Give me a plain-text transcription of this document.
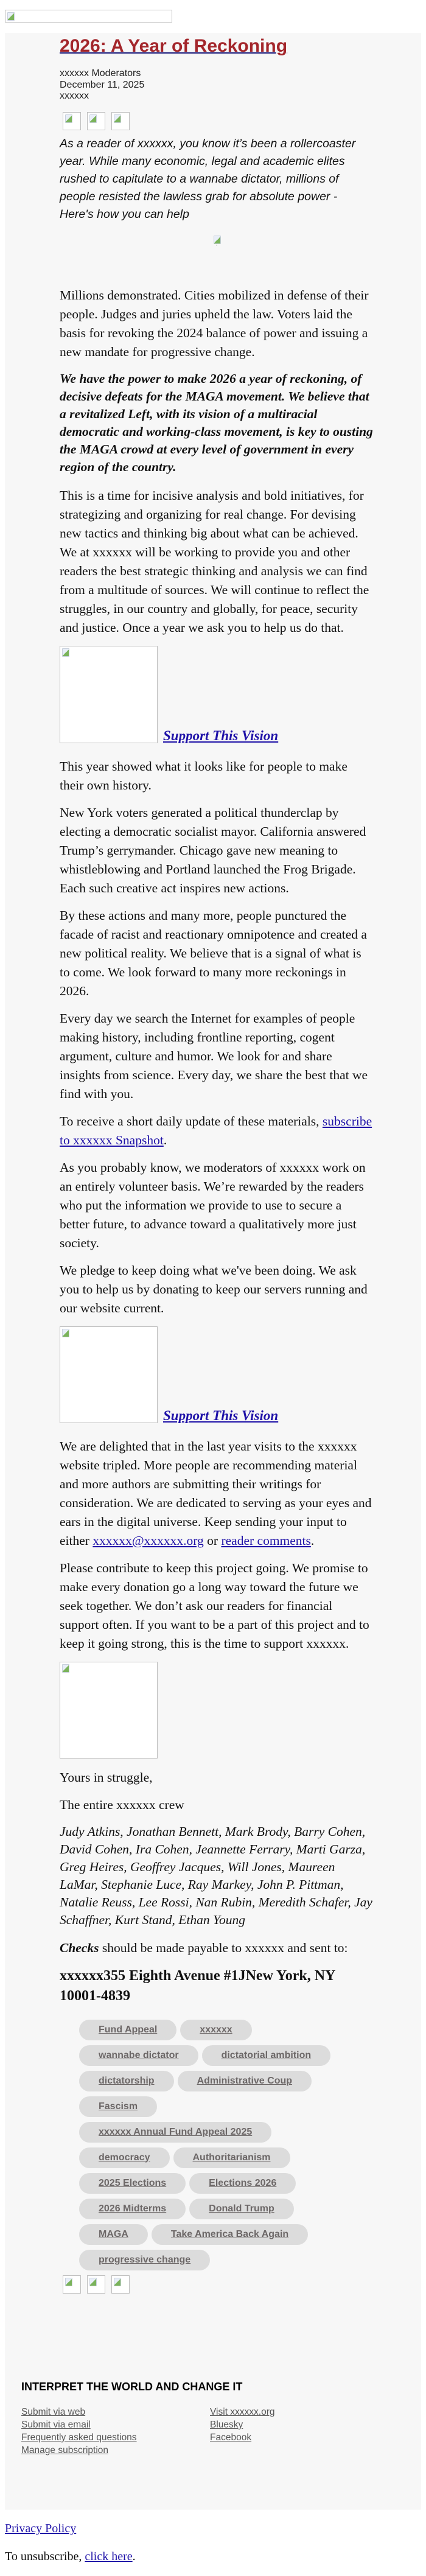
2026: A Year of Reckoning
xxxxxx Moderators
December 11, 2025
xxxxxx

As a reader of xxxxxx, you know it’s been a rollercoaster year. While many economic, legal and academic elites rushed to capitulate to a wannabe dictator, millions of people resisted the lawless grab for absolute power - Here's how you can help

,

Millions demonstrated. Cities mobilized in defense of their people. Judges and juries upheld the law. Voters laid the basis for revoking the 2024 balance of power and issuing a new mandate for progressive change.

We have the power to make 2026 a year of reckoning, of decisive defeats for the MAGA movement. We believe that a revitalized Left, with its vision of a multiracial democratic and working-class movement, is key to ousting the MAGA crowd at every level of government in every region of the country.

This is a time for incisive analysis and bold initiatives, for strategizing and organizing for real change. For devising new tactics and thinking big about what can be achieved. We at xxxxxx will be working to provide you and other readers the best strategic thinking and analysis we can find from a multitude of sources. We will continue to reflect the struggles, in our country and globally, for peace, security and justice. Once a year we ask you to help us do that.

Support This Vision

This year showed what it looks like for people to make their own history.

New York voters generated a political thunderclap by electing a democratic socialist mayor. California answered Trump’s gerrymander. Chicago gave new meaning to whistleblowing and Portland launched the Frog Brigade. Each such creative act inspires new actions.

By these actions and many more, people punctured the facade of racist and reactionary omnipotence and created a new political reality. We believe that is a signal of what is to come. We look forward to many more reckonings in 2026.

Every day we search the Internet for examples of people making history, including frontline reporting, cogent argument, culture and humor. We look for and share insights from science. Every day, we share the best that we find with you.

To receive a short daily update of these materials, subscribe to xxxxxx Snapshot.

As you probably know, we moderators of xxxxxx work on an entirely volunteer basis. We’re rewarded by the readers who put the information we provide to use to secure a better future, to advance toward a qualitatively more just society.

We pledge to keep doing what we've been doing. We ask you to help us by donating to keep our servers running and our website current.

Support This Vision

We are delighted that in the last year visits to the xxxxxx website tripled. More people are recommending material and more authors are submitting their writings for consideration. We are dedicated to serving as your eyes and ears in the digital universe. Keep sending your input to either xxxxxx@xxxxxx.org or reader comments.

Please contribute to keep this project going. We promise to make every donation go a long way toward the future we seek together. We don’t ask our readers for financial support often. If you want to be a part of this project and to keep it going strong, this is the time to support xxxxxx.

Yours in struggle,

The entire xxxxxx crew

Judy Atkins, Jonathan Bennett, Mark Brody, Barry Cohen, David Cohen, Ira Cohen, Jeannette Ferrary, Marti Garza, Greg Heires, Geoffrey Jacques, Will Jones, Maureen LaMar, Stephanie Luce, Ray Markey, John P. Pittman, Natalie Reuss, Lee Rossi, Nan Rubin, Meredith Schafer, Jay Schaffner, Kurt Stand, Ethan Young

Checks should be made payable to xxxxxx and sent to:

xxxxxx355 Eighth Avenue #1JNew York, NY 10001-4839

Fund Appeal	xxxxxx
wannabe dictator	dictatorial ambition
dictatorship	Administrative Coup
Fascism
xxxxxx Annual Fund Appeal 2025
democracy	Authoritarianism
2025 Elections	Elections 2026
2026 Midterms	Donald Trump
MAGA	Take America Back Again
progressive change
INTERPRET THE WORLD AND CHANGE IT
Submit via web
Submit via email
Frequently asked questions
Manage subscription
Visit xxxxxx.org
Bluesky
Facebook
Privacy Policy

To unsubscribe, click here.
